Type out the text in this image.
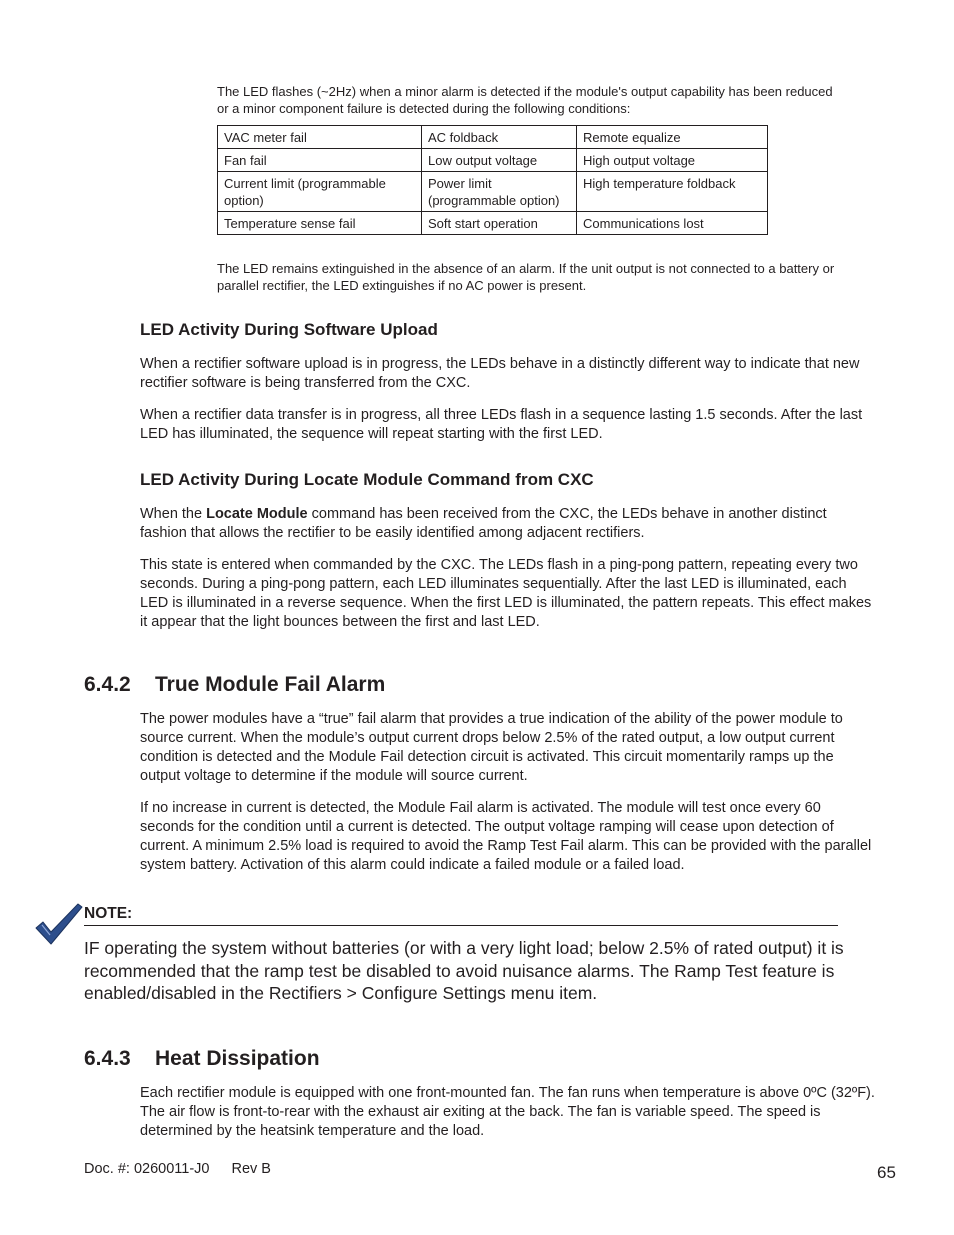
The LED flashes (~2Hz) when a minor alarm is detected if the module's output capability has been reduced or a minor component failure is detected during the following conditions:
VAC meter fail	AC foldback	Remote equalize
Fan fail	Low output voltage	High output voltage
Current limit (programmable option)	Power limit (programmable option)	High temperature foldback
Temperature sense fail	Soft start operation	Communications lost
The LED remains extinguished in the absence of an alarm. If the unit output is not connected to a battery or parallel rectifier, the LED extinguishes if no AC power is present.
LED Activity During Software Upload

When a rectifier software upload is in progress, the LEDs behave in a distinctly different way to indicate that new rectifier software is being transferred from the CXC.

When a rectifier data transfer is in progress, all three LEDs flash in a sequence lasting 1.5 seconds. After the last LED has illuminated, the sequence will repeat starting with the first LED.

LED Activity During Locate Module Command from CXC

When the Locate Module command has been received from the CXC, the LEDs behave in another distinct fashion that allows the rectifier to be easily identified among adjacent rectifiers.

This state is entered when commanded by the CXC. The LEDs flash in a ping-pong pattern, repeating every two seconds. During a ping-pong pattern, each LED illuminates sequentially. After the last LED is illuminated, each LED is illuminated in a reverse sequence. When the first LED is illuminated, the pattern repeats. This effect makes it appear that the light bounces between the first and last LED.

6.4.2 True Module Fail Alarm

The power modules have a “true” fail alarm that provides a true indication of the ability of the power module to source current. When the module’s output current drops below 2.5% of the rated output, a low output current condition is detected and the Module Fail detection circuit is activated. This circuit momentarily ramps up the output voltage to determine if the module will source current.

If no increase in current is detected, the Module Fail alarm is activated. The module will test once every 60 seconds for the condition until a current is detected. The output voltage ramping will cease upon detection of current. A minimum 2.5% load is required to avoid the Ramp Test Fail alarm. This can be provided with the parallel system battery. Activation of this alarm could indicate a failed module or a failed load.

NOTE:
IF operating the system without batteries (or with a very light load; below 2.5% of rated output) it is recommended that the ramp test be disabled to avoid nuisance alarms. The Ramp Test feature is enabled/disabled in the Rectifiers > Configure Settings menu item.
6.4.3 Heat Dissipation

Each rectifier module is equipped with one front-mounted fan. The fan runs when temperature is above 0ºC (32ºF). The air flow is front-to-rear with the exhaust air exiting at the back. The fan is variable speed. The speed is determined by the heatsink temperature and the load.

Doc. #: 0260011-J0 Rev B	65
